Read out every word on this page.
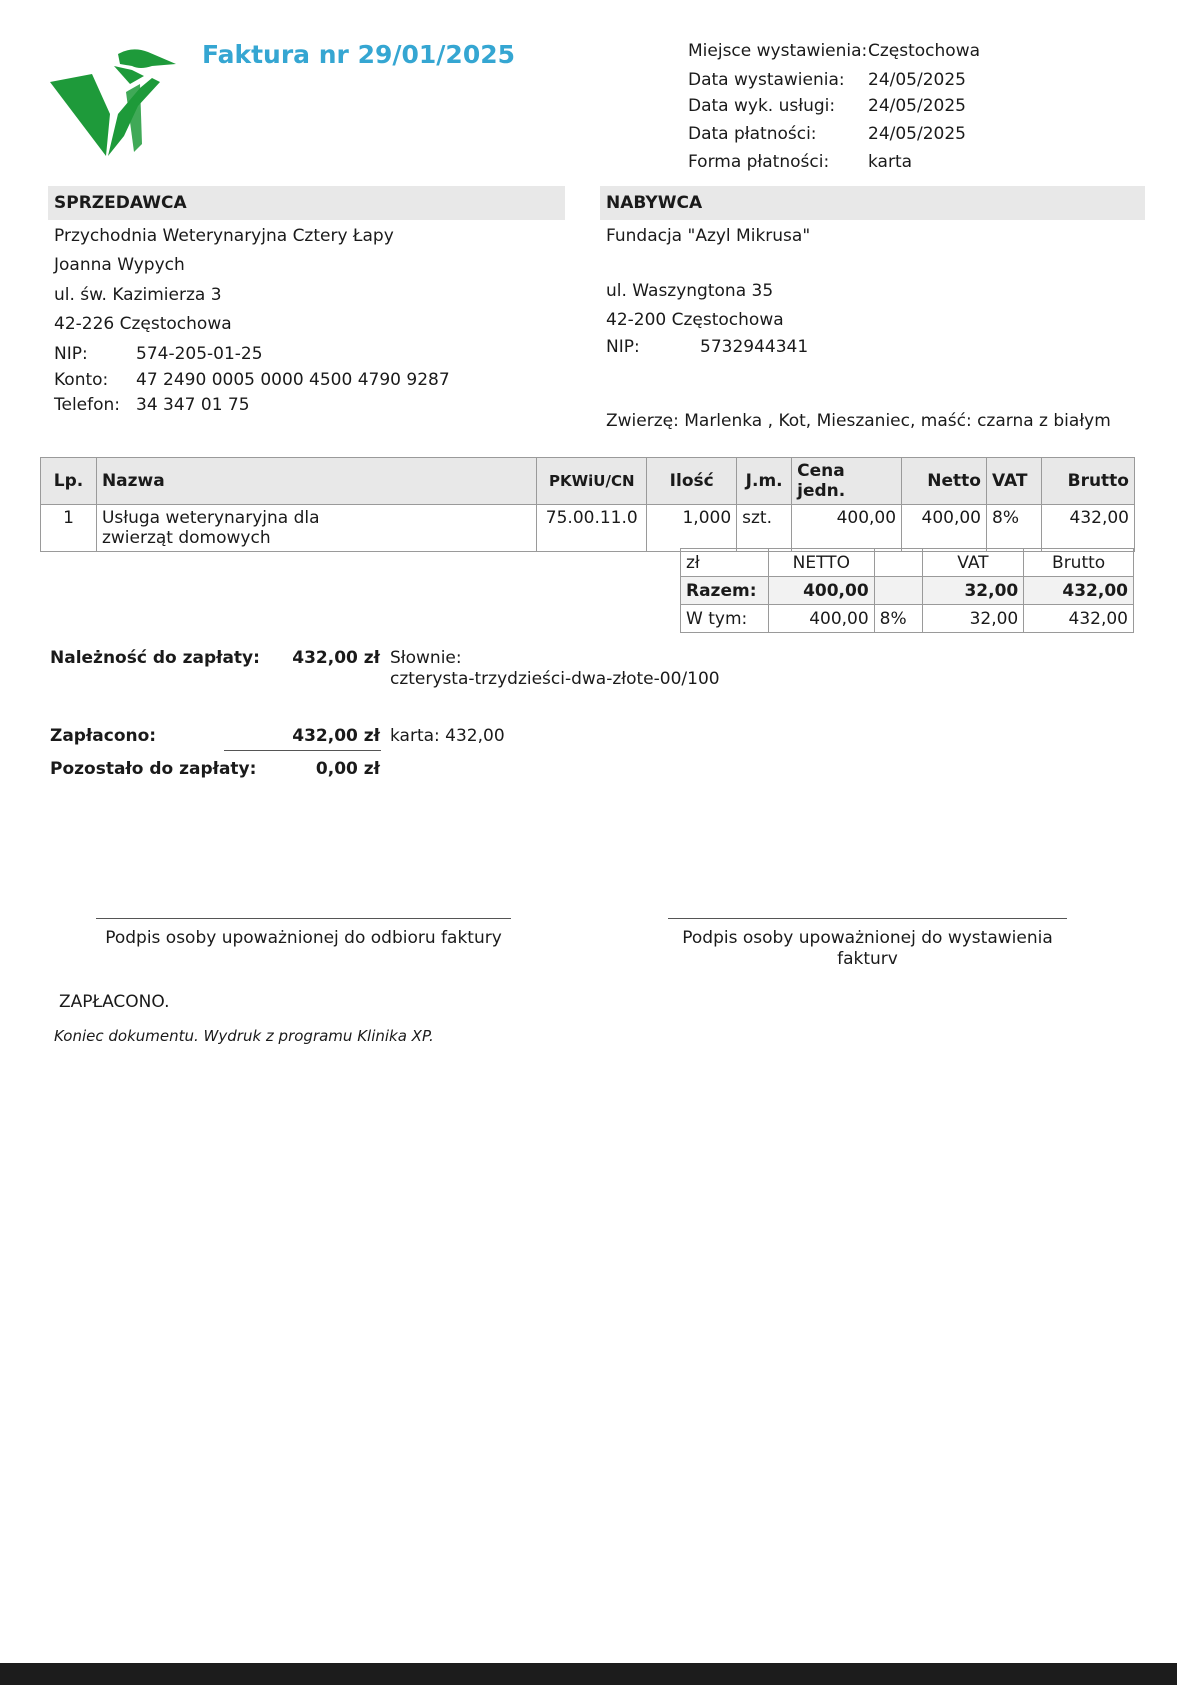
Faktura nr 29/01/2025	Miejsce wystawienia: Częstochowa
Data wystawienia: 24/05/2025
Data wyk. usługi: 24/05/2025
Data płatności:	24/05/2025
Forma płatności: karta
SPRZEDAWCA	NABYWCA
Przychodnia Weterynaryjna Cztery Łapy
Joanna Wypych
ul. św. Kazimierza 3
42-226 Częstochowa
NIP:	574-205-01-25
Konto: 47 2490 0005 0000 4500 4790 9287
Telefon: 34 347 01 75
Fundacja "Azyl Mikrusa"
ul. Waszyngtona 35
42-200 Częstochowa
NIP:	5732944341
Zwierzę: Marlenka , Kot, Mieszaniec, maść: czarna z białym
Lp.	Nazwa	PKWiU/CN	Ilość	J.m.	Cena jedn.	Netto	VAT	Brutto
1	Usługa weterynaryjna dla
zwierząt domowych	75.00.11.0	1,000	szt.	400,00	400,00	8%	432,00
zł	NETTO		VAT	Brutto
Razem:	400,00		32,00	432,00
W tym:	400,00	8%	32,00	432,00
Należność do zapłaty:	432,00 zł Słownie:
czterysta-trzydzieści-dwa-złote-00/100
Zapłacono:	432,00 zł karta: 432,00
Pozostało do zapłaty:	0,00 zł
Podpis osoby upoważnionej do odbioru faktury	Podpis osoby upoważnionej do wystawienia
fakturv
ZAPŁACONO.
Koniec dokumentu. Wydruk z programu Klinika XP.
